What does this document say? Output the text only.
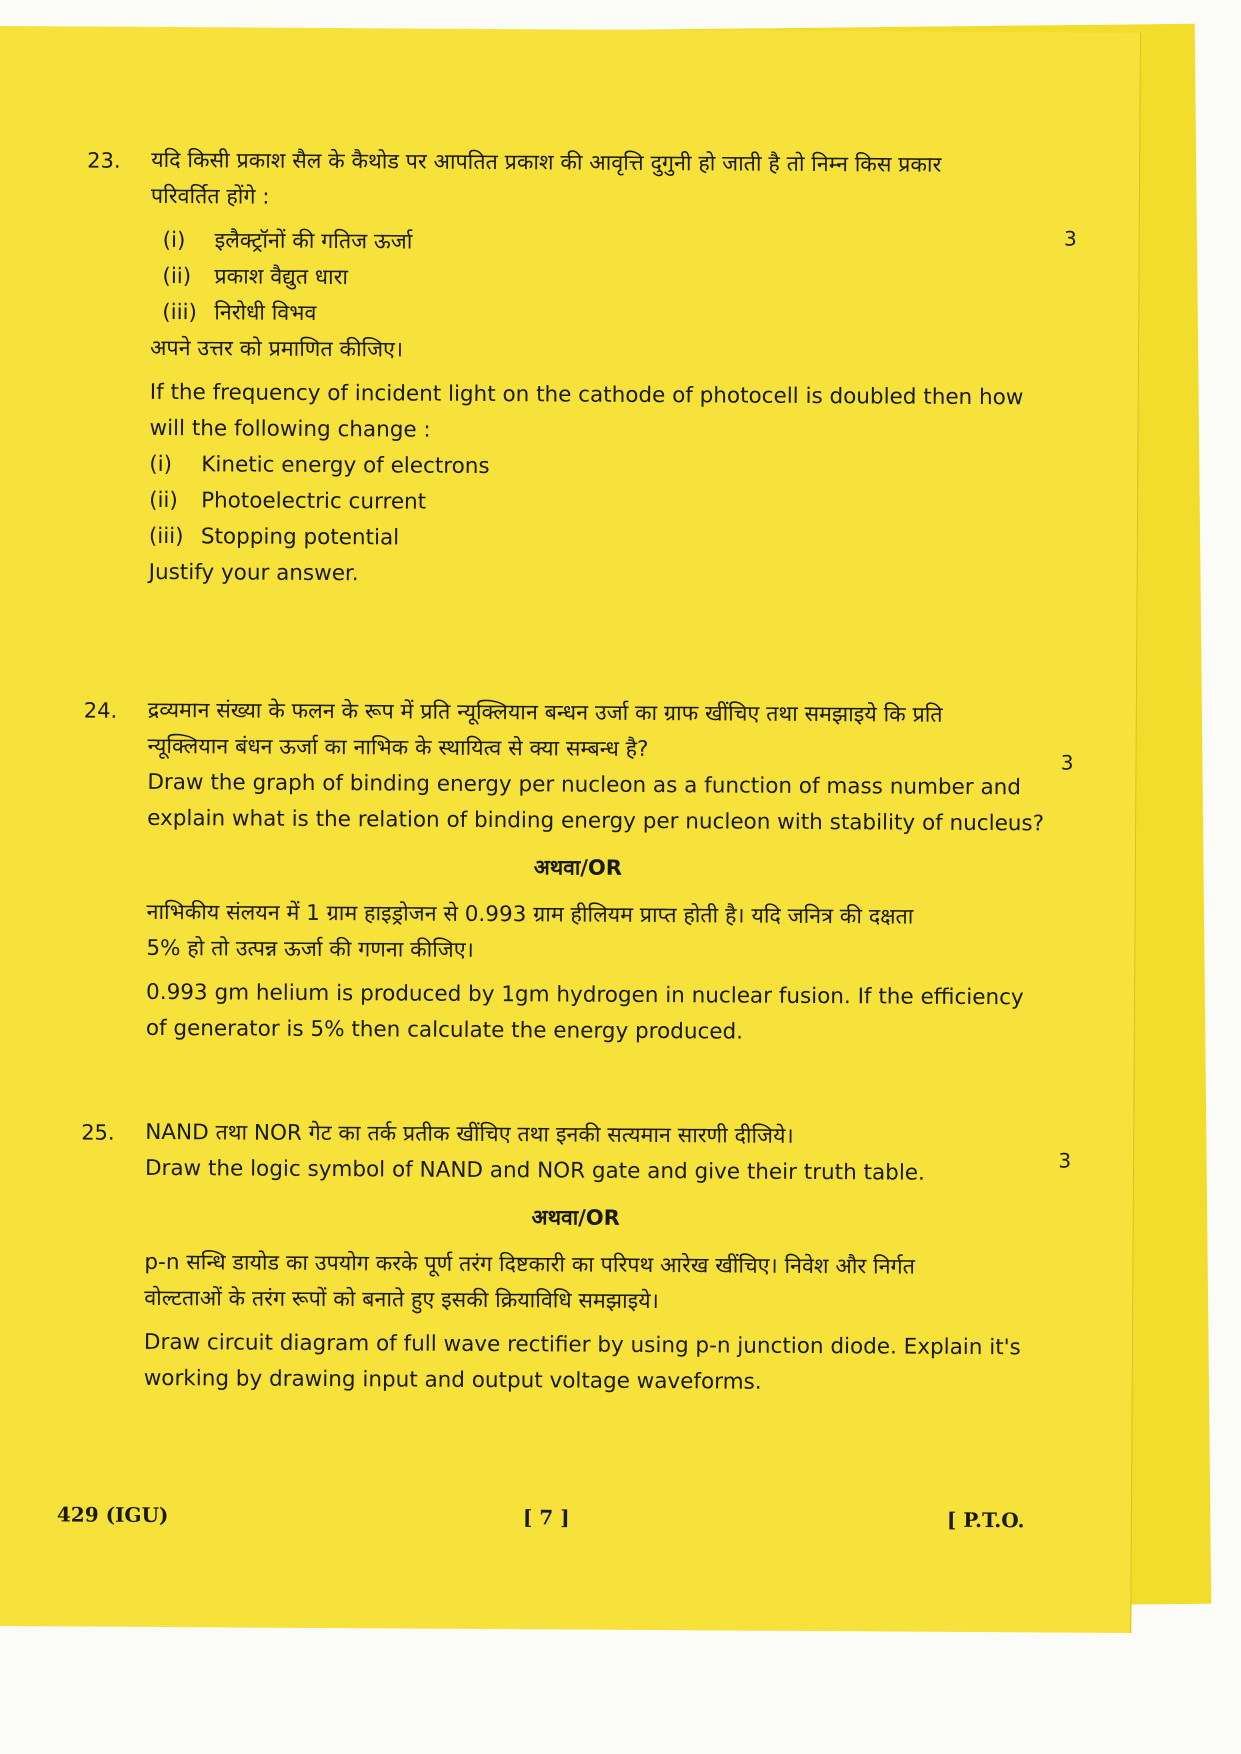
23. यदि किसी प्रकाश सैल के कैथोड पर आपतित प्रकाश की आवृत्ति दुगुनी हो जाती है तो निम्न किस प्रकार
परिवर्तित होंगे :
3
(i) इलैक्ट्रॉनों की गतिज ऊर्जा
(ii) प्रकाश वैद्युत धारा
(iii) निरोधी विभव
अपने उत्तर को प्रमाणित कीजिए।
If the frequency of incident light on the cathode of photocell is doubled then how
will the following change :
(i) Kinetic energy of electrons
(ii) Photoelectric current
(iii) Stopping potential
Justify your answer.
24. द्रव्यमान संख्या के फलन के रूप में प्रति न्यूक्लियान बन्धन उर्जा का ग्राफ खींचिए तथा समझाइये कि प्रति
न्यूक्लियान बंधन ऊर्जा का नाभिक के स्थायित्व से क्या सम्बन्ध है?
3
Draw the graph of binding energy per nucleon as a function of mass number and
explain what is the relation of binding energy per nucleon with stability of nucleus?
अथवा/OR
नाभिकीय संलयन में 1 ग्राम हाइड्रोजन से 0.993 ग्राम हीलियम प्राप्त होती है। यदि जनित्र की दक्षता
5% हो तो उत्पन्न ऊर्जा की गणना कीजिए।
0.993 gm helium is produced by 1gm hydrogen in nuclear fusion. If the efficiency
of generator is 5% then calculate the energy produced.
25. NAND तथा NOR गेट का तर्क प्रतीक खींचिए तथा इनकी सत्यमान सारणी दीजिये।
3
Draw the logic symbol of NAND and NOR gate and give their truth table.
अथवा/OR
p-n सन्धि डायोड का उपयोग करके पूर्ण तरंग दिष्टकारी का परिपथ आरेख खींचिए। निवेश और निर्गत
वोल्टताओं के तरंग रूपों को बनाते हुए इसकी क्रियाविधि समझाइये।
Draw circuit diagram of full wave rectifier by using p-n junction diode. Explain it's
working by drawing input and output voltage waveforms.
429 (IGU)	[ 7 ]	[ P.T.O.
